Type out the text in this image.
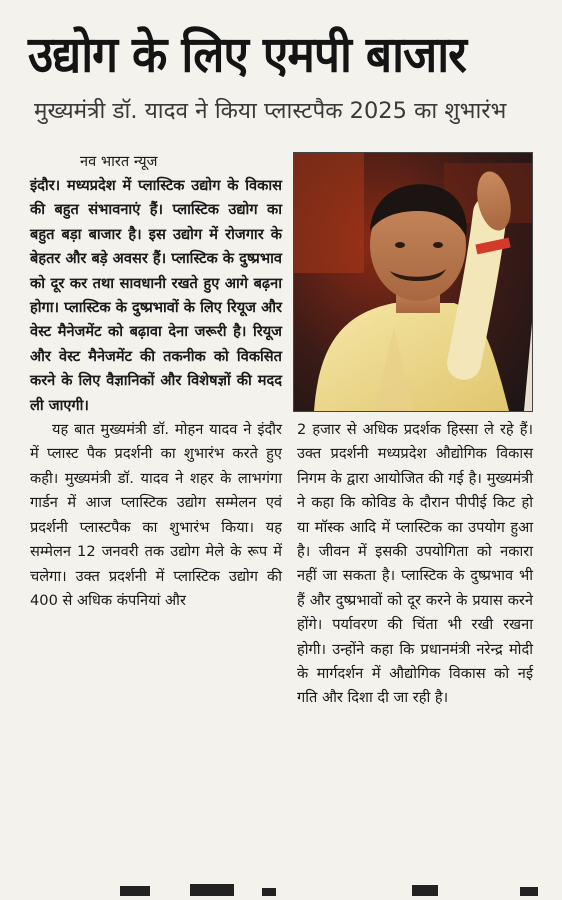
उद्योग के लिए एमपी बाजार
मुख्यमंत्री डॉ. यादव ने किया प्लास्टपैक 2025 का शुभारंभ
नव भारत न्यूज

इंदौर। मध्यप्रदेश में प्लास्टिक उद्योग के विकास की बहुत संभावनाएं हैं। प्लास्टिक उद्योग का बहुत बड़ा बाजार है। इस उद्योग में रोजगार के बेहतर और बड़े अवसर हैं। प्लास्टिक के दुष्प्रभाव को दूर कर तथा सावधानी रखते हुए आगे बढ़ना होगा। प्लास्टिक के दुष्प्रभावों के लिए रियूज और वेस्ट मैनेजमेंट को बढ़ावा देना जरूरी है। रियूज और वेस्ट मैनेजमेंट की तकनीक को विकसित करने के लिए वैज्ञानिकों और विशेषज्ञों की मदद ली जाएगी।

यह बात मुख्यमंत्री डॉ. मोहन यादव ने इंदौर में प्लास्ट पैक प्रदर्शनी का शुभारंभ करते हुए कही। मुख्यमंत्री डॉ. यादव ने शहर के लाभगंगा गार्डन में आज प्लास्टिक उद्योग सम्मेलन एवं प्रदर्शनी प्लास्टपैक का शुभारंभ किया। यह सम्मेलन 12 जनवरी तक उद्योग मेले के रूप में चलेगा। उक्त प्रदर्शनी में प्लास्टिक उद्योग की 400 से अधिक कंपनियां और

2 हजार से अधिक प्रदर्शक हिस्सा ले रहे हैं। उक्त प्रदर्शनी मध्यप्रदेश औद्योगिक विकास निगम के द्वारा आयोजित की गई है। मुख्यमंत्री ने कहा कि कोविड के दौरान पीपीई किट हो या मॉस्क आदि में प्लास्टिक का उपयोग हुआ है। जीवन में इसकी उपयोगिता को नकारा नहीं जा सकता है। प्लास्टिक के दुष्प्रभाव भी हैं और दुष्प्रभावों को दूर करने के प्रयास करने होंगे। पर्यावरण की चिंता भी रखी रखना होगी। उन्होंने कहा कि प्रधानमंत्री नरेन्द्र मोदी के मार्गदर्शन में औद्योगिक विकास को नई गति और दिशा दी जा रही है।
